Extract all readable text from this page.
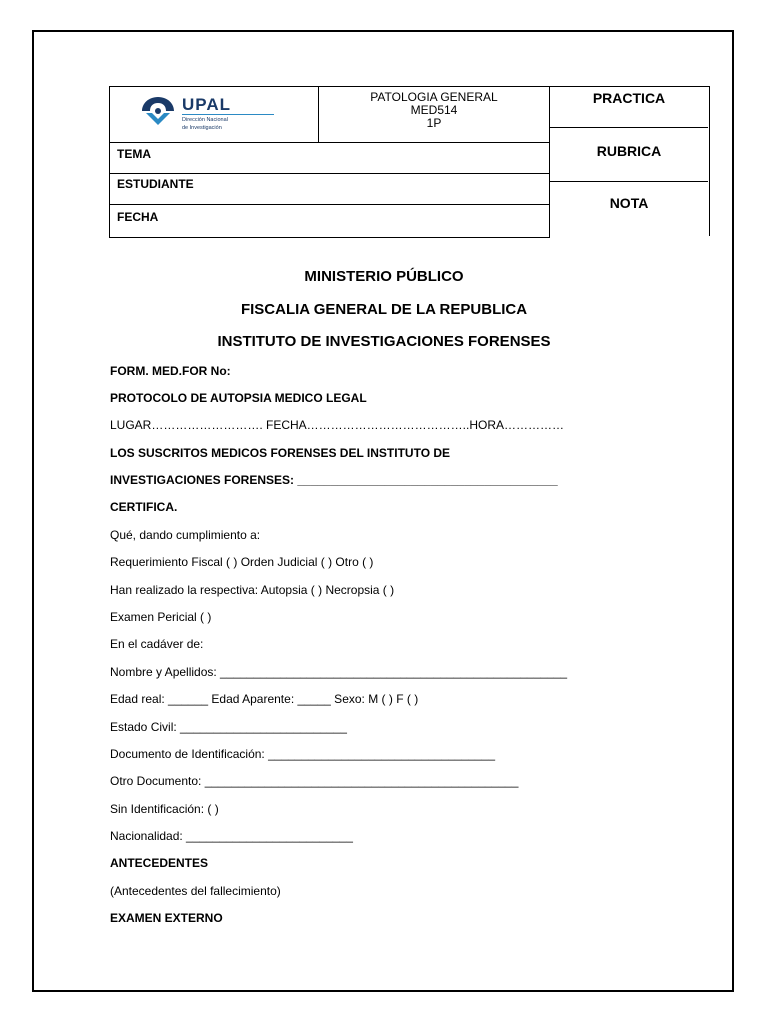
UPAL
Dirección Nacional
de Investigación
PATOLOGIA GENERAL
MED514
1P
TEMA
ESTUDIANTE
FECHA
PRACTICA
RUBRICA
NOTA
MINISTERIO PÚBLICO
FISCALIA GENERAL DE LA REPUBLICA
INSTITUTO DE INVESTIGACIONES FORENSES
FORM. MED.FOR No:
PROTOCOLO DE AUTOPSIA MEDICO LEGAL
LUGAR………………………. FECHA…………………………………..HORA……………
LOS SUSCRITOS MEDICOS FORENSES DEL INSTITUTO DE
INVESTIGACIONES FORENSES: _______________________________________
CERTIFICA.
Qué, dando cumplimiento a:
Requerimiento Fiscal ( ) Orden Judicial ( ) Otro ( )
Han realizado la respectiva: Autopsia ( ) Necropsia ( )
Examen Pericial ( )
En el cadáver de:
Nombre y Apellidos: ____________________________________________________
Edad real: ______ Edad Aparente: _____ Sexo: M ( ) F ( )
Estado Civil: _________________________
Documento de Identificación: __________________________________
Otro Documento: _______________________________________________
Sin Identificación: ( )
Nacionalidad: _________________________
ANTECEDENTES
(Antecedentes del fallecimiento)
EXAMEN EXTERNO
